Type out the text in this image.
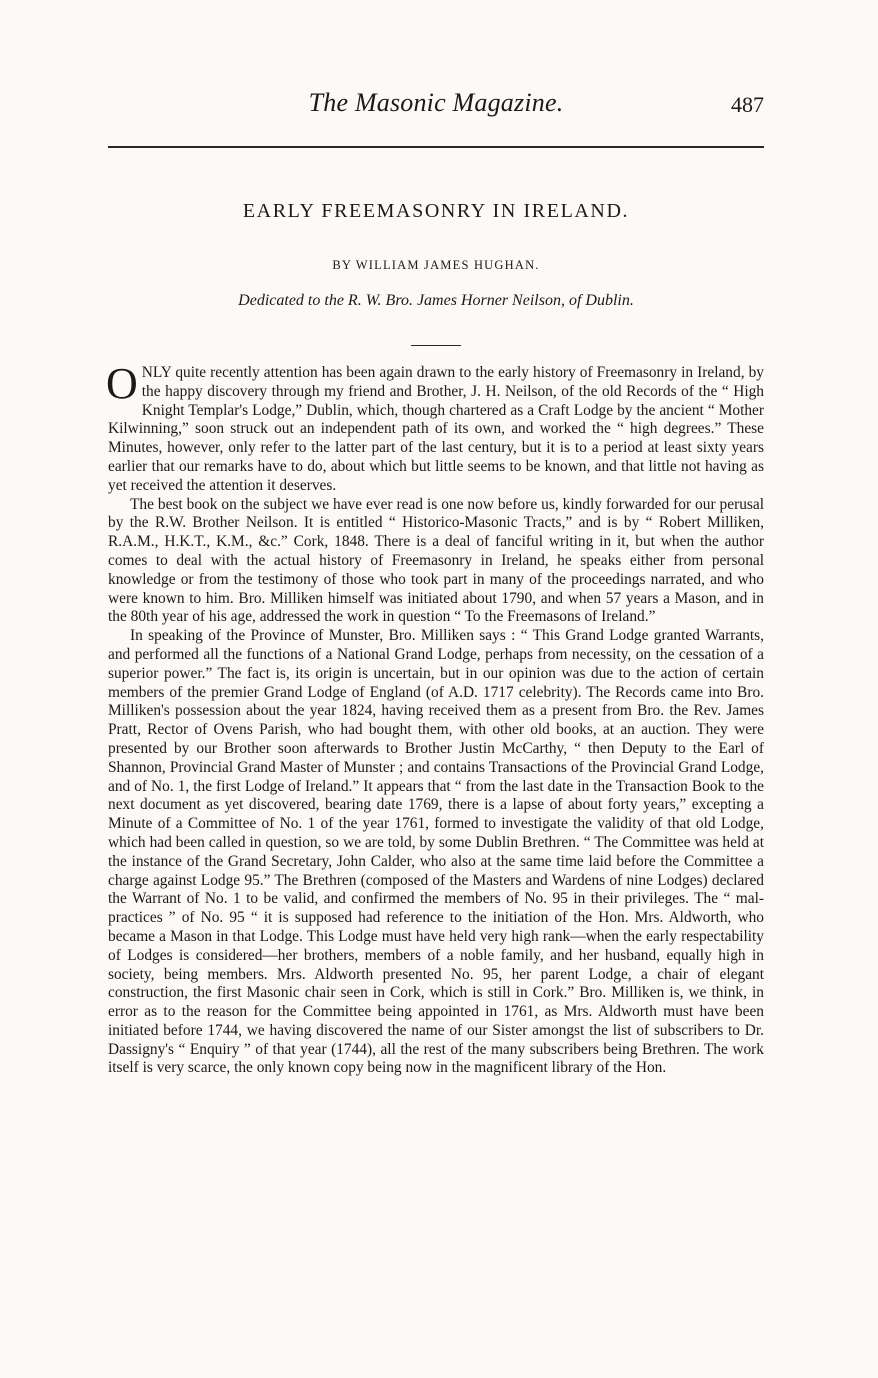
The Masonic Magazine.	487
EARLY FREEMASONRY IN IRELAND.
BY WILLIAM JAMES HUGHAN.
Dedicated to the R. W. Bro. James Horner Neilson, of Dublin.

ONLY quite recently attention has been again drawn to the early history of Freemasonry in Ireland, by the happy discovery through my friend and Brother, J. H. Neilson, of the old Records of the “ High Knight Templar's Lodge,” Dublin, which, though chartered as a Craft Lodge by the ancient “ Mother Kilwinning,” soon struck out an independent path of its own, and worked the “ high degrees.” These Minutes, however, only refer to the latter part of the last century, but it is to a period at least sixty years earlier that our remarks have to do, about which but little seems to be known, and that little not having as yet received the attention it deserves.

The best book on the subject we have ever read is one now before us, kindly forwarded for our perusal by the R.W. Brother Neilson. It is entitled “ Historico-Masonic Tracts,” and is by “ Robert Milliken, R.A.M., H.K.T., K.M., &c.” Cork, 1848. There is a deal of fanciful writing in it, but when the author comes to deal with the actual history of Freemasonry in Ireland, he speaks either from personal knowledge or from the testimony of those who took part in many of the proceedings narrated, and who were known to him. Bro. Milliken himself was initiated about 1790, and when 57 years a Mason, and in the 80th year of his age, addressed the work in question “ To the Freemasons of Ireland.”

In speaking of the Province of Munster, Bro. Milliken says : “ This Grand Lodge granted Warrants, and performed all the functions of a National Grand Lodge, perhaps from necessity, on the cessation of a superior power.” The fact is, its origin is uncertain, but in our opinion was due to the action of certain members of the premier Grand Lodge of England (of A.D. 1717 celebrity). The Records came into Bro. Milliken's possession about the year 1824, having received them as a present from Bro. the Rev. James Pratt, Rector of Ovens Parish, who had bought them, with other old books, at an auction. They were presented by our Brother soon afterwards to Brother Justin McCarthy, “ then Deputy to the Earl of Shannon, Provincial Grand Master of Munster ; and contains Transactions of the Provincial Grand Lodge, and of No. 1, the first Lodge of Ireland.” It appears that “ from the last date in the Transaction Book to the next document as yet discovered, bearing date 1769, there is a lapse of about forty years,” excepting a Minute of a Committee of No. 1 of the year 1761, formed to investigate the validity of that old Lodge, which had been called in question, so we are told, by some Dublin Brethren. “ The Committee was held at the instance of the Grand Secretary, John Calder, who also at the same time laid before the Committee a charge against Lodge 95.” The Brethren (composed of the Masters and Wardens of nine Lodges) declared the Warrant of No. 1 to be valid, and confirmed the members of No. 95 in their privileges. The “ mal-practices ” of No. 95 “ it is supposed had reference to the initiation of the Hon. Mrs. Aldworth, who became a Mason in that Lodge. This Lodge must have held very high rank—when the early respectability of Lodges is considered—her brothers, members of a noble family, and her husband, equally high in society, being members. Mrs. Aldworth presented No. 95, her parent Lodge, a chair of elegant construction, the first Masonic chair seen in Cork, which is still in Cork.” Bro. Milliken is, we think, in error as to the reason for the Committee being appointed in 1761, as Mrs. Aldworth must have been initiated before 1744, we having discovered the name of our Sister amongst the list of subscribers to Dr. Dassigny's “ Enquiry ” of that year (1744), all the rest of the many subscribers being Brethren. The work itself is very scarce, the only known copy being now in the magnificent library of the Hon.
